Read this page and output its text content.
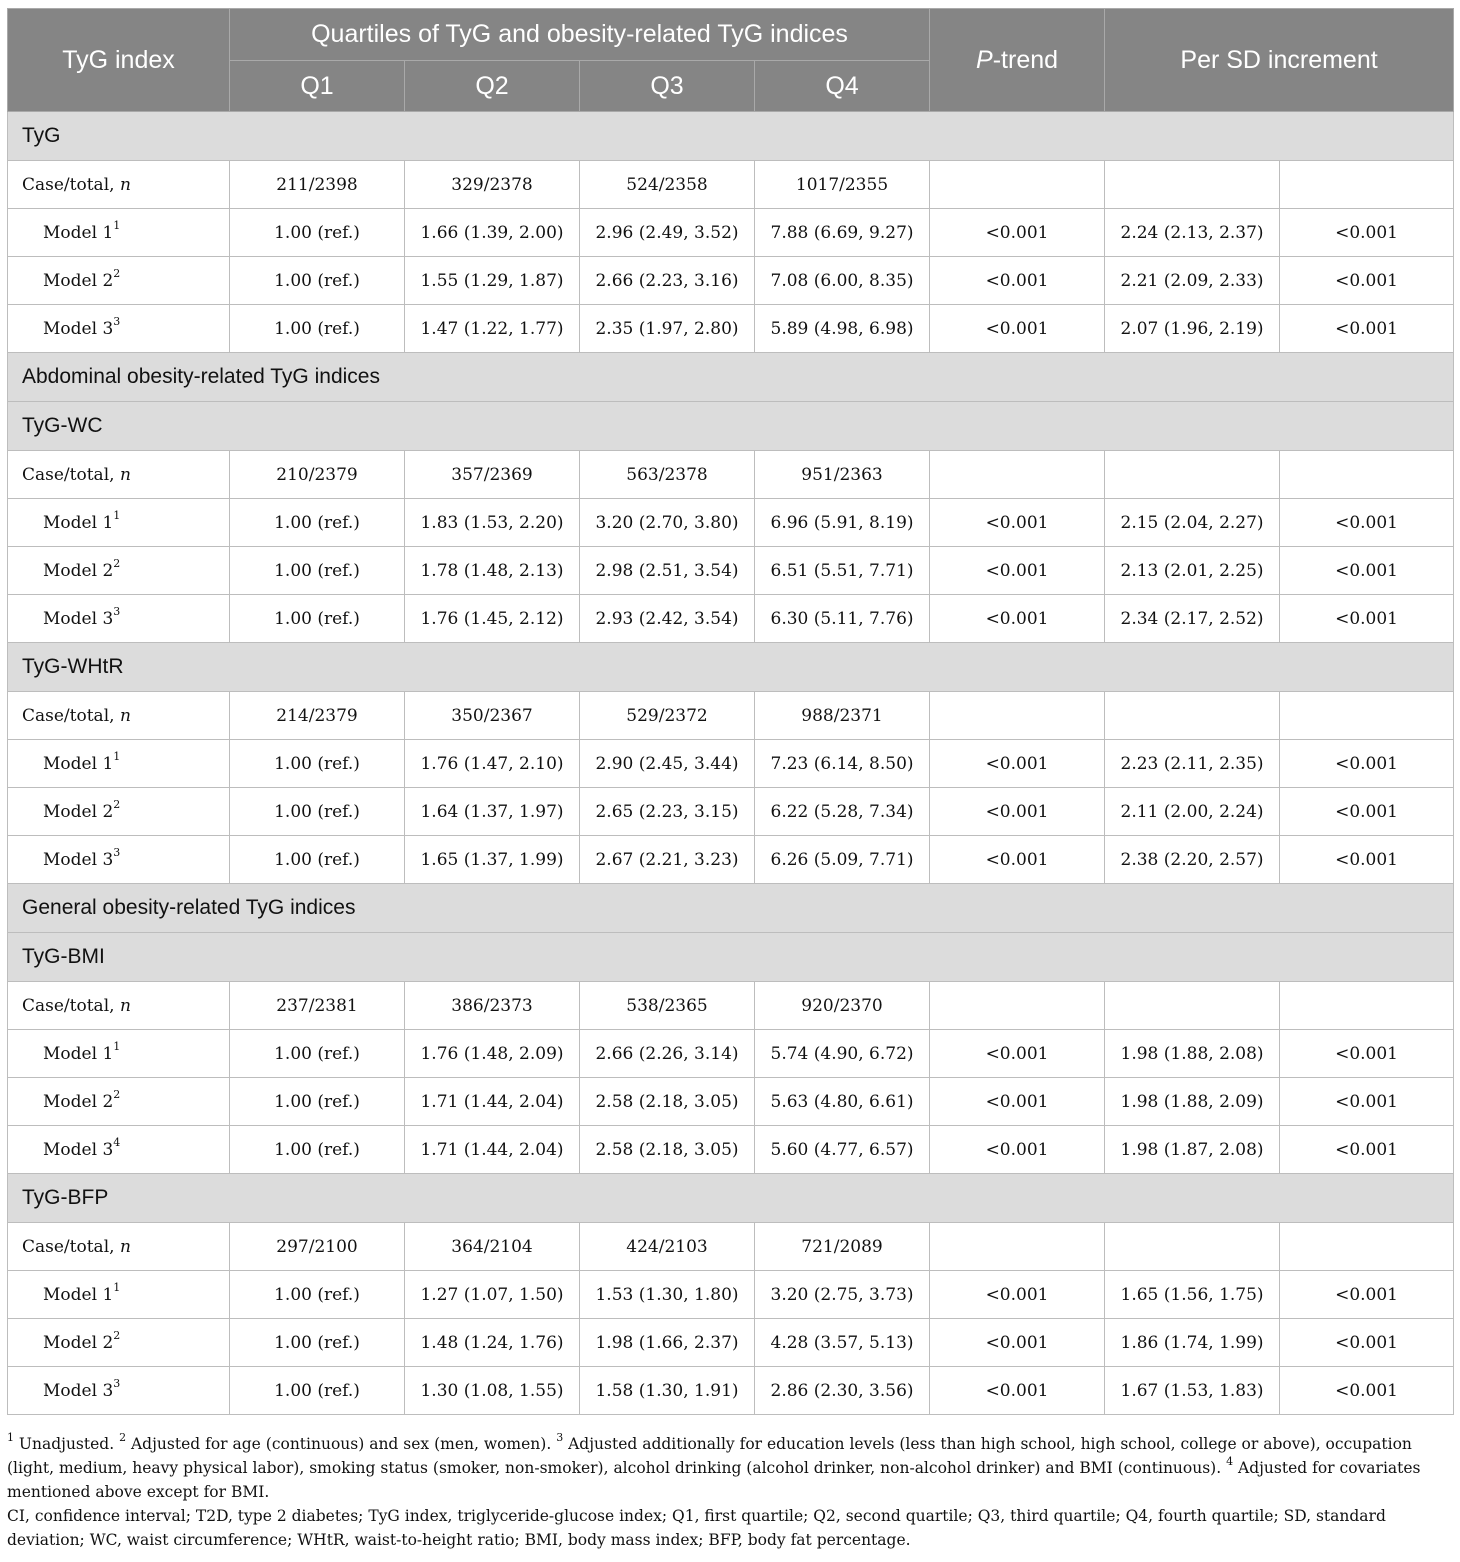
TyG index	Quartiles of TyG and obesity-related TyG indices				P-trend	Per SD increment	
	Q1	Q2	Q3	Q4			
TyG							
Case/total, n	211/2398	329/2378	524/2358	1017/2355			
Model $1^1$	1.00 (ref.)	1.66 (1.39, 2.00)	2.96 (2.49, 3.52)	7.88 (6.69, 9.27)	<0.001	2.24 (2.13, 2.37)	<0.001
Model $2^2$	1.00 (ref.)	1.55 (1.29, 1.87)	2.66 (2.23, 3.16)	7.08 (6.00, 8.35)	<0.001	2.21 (2.09, 2.33)	<0.001
Model $3^3$	1.00 (ref.)	1.47 (1.22, 1.77)	2.35 (1.97, 2.80)	5.89 (4.98, 6.98)	<0.001	2.07 (1.96, 2.19)	<0.001
Abdominal obesity-related TyG indices							
TyG-WC							
Case/total, n	210/2379	357/2369	563/2378	951/2363			
Model $1^1$	1.00 (ref.)	1.83 (1.53, 2.20)	3.20 (2.70, 3.80)	6.96 (5.91, 8.19)	<0.001	2.15 (2.04, 2.27)	<0.001
Model $2^2$	1.00 (ref.)	1.78 (1.48, 2.13)	2.98 (2.51, 3.54)	6.51 (5.51, 7.71)	<0.001	2.13 (2.01, 2.25)	<0.001
Model $3^3$	1.00 (ref.)	1.76 (1.45, 2.12)	2.93 (2.42, 3.54)	6.30 (5.11, 7.76)	<0.001	2.34 (2.17, 2.52)	<0.001
TyG-WHtR							
Case/total, n	214/2379	350/2367	529/2372	988/2371			
Model $1^1$	1.00 (ref.)	1.76 (1.47, 2.10)	2.90 (2.45, 3.44)	7.23 (6.14, 8.50)	<0.001	2.23 (2.11, 2.35)	<0.001
Model $2^2$	1.00 (ref.)	1.64 (1.37, 1.97)	2.65 (2.23, 3.15)	6.22 (5.28, 7.34)	<0.001	2.11 (2.00, 2.24)	<0.001
Model $3^3$	1.00 (ref.)	1.65 (1.37, 1.99)	2.67 (2.21, 3.23)	6.26 (5.09, 7.71)	<0.001	2.38 (2.20, 2.57)	<0.001
General obesity-related TyG indices							
TyG-BMI							
Case/total, n	237/2381	386/2373	538/2365	920/2370			
Model $1^1$	1.00 (ref.)	1.76 (1.48, 2.09)	2.66 (2.26, 3.14)	5.74 (4.90, 6.72)	<0.001	1.98 (1.88, 2.08)	<0.001
Model $2^2$	1.00 (ref.)	1.71 (1.44, 2.04)	2.58 (2.18, 3.05)	5.63 (4.80, 6.61)	<0.001	1.98 (1.88, 2.09)	<0.001
Model $3^4$	1.00 (ref.)	1.71 (1.44, 2.04)	2.58 (2.18, 3.05)	5.60 (4.77, 6.57)	<0.001	1.98 (1.87, 2.08)	<0.001
TyG-BFP							
Case/total, n	297/2100	364/2104	424/2103	721/2089			
Model $1^1$	1.00 (ref.)	1.27 (1.07, 1.50)	1.53 (1.30, 1.80)	3.20 (2.75, 3.73)	<0.001	1.65 (1.56, 1.75)	<0.001
Model $2^2$	1.00 (ref.)	1.48 (1.24, 1.76)	1.98 (1.66, 2.37)	4.28 (3.57, 5.13)	<0.001	1.86 (1.74, 1.99)	<0.001
Model $3^3$	1.00 (ref.)	1.30 (1.08, 1.55)	1.58 (1.30, 1.91)	2.86 (2.30, 3.56)	<0.001	1.67 (1.53, 1.83)	<0.001

$^1$ Unadjusted. $^2$ Adjusted for age (continuous) and sex (men, women). $^3$ Adjusted additionally for education levels (less than high school, high school, college or above), occupation (light, medium, heavy physical labor), smoking status (smoker, non-smoker), alcohol drinking (alcohol drinker, non-alcohol drinker) and BMI (continuous). $^4$ Adjusted for covariates mentioned above except for BMI.

CI, confidence interval; T2D, type 2 diabetes; TyG index, triglyceride-glucose index; Q1, first quartile; Q2, second quartile; Q3, third quartile; Q4, fourth quartile; SD, standard deviation; WC, waist circumference; WHtR, waist-to-height ratio; BMI, body mass index; BFP, body fat percentage.
